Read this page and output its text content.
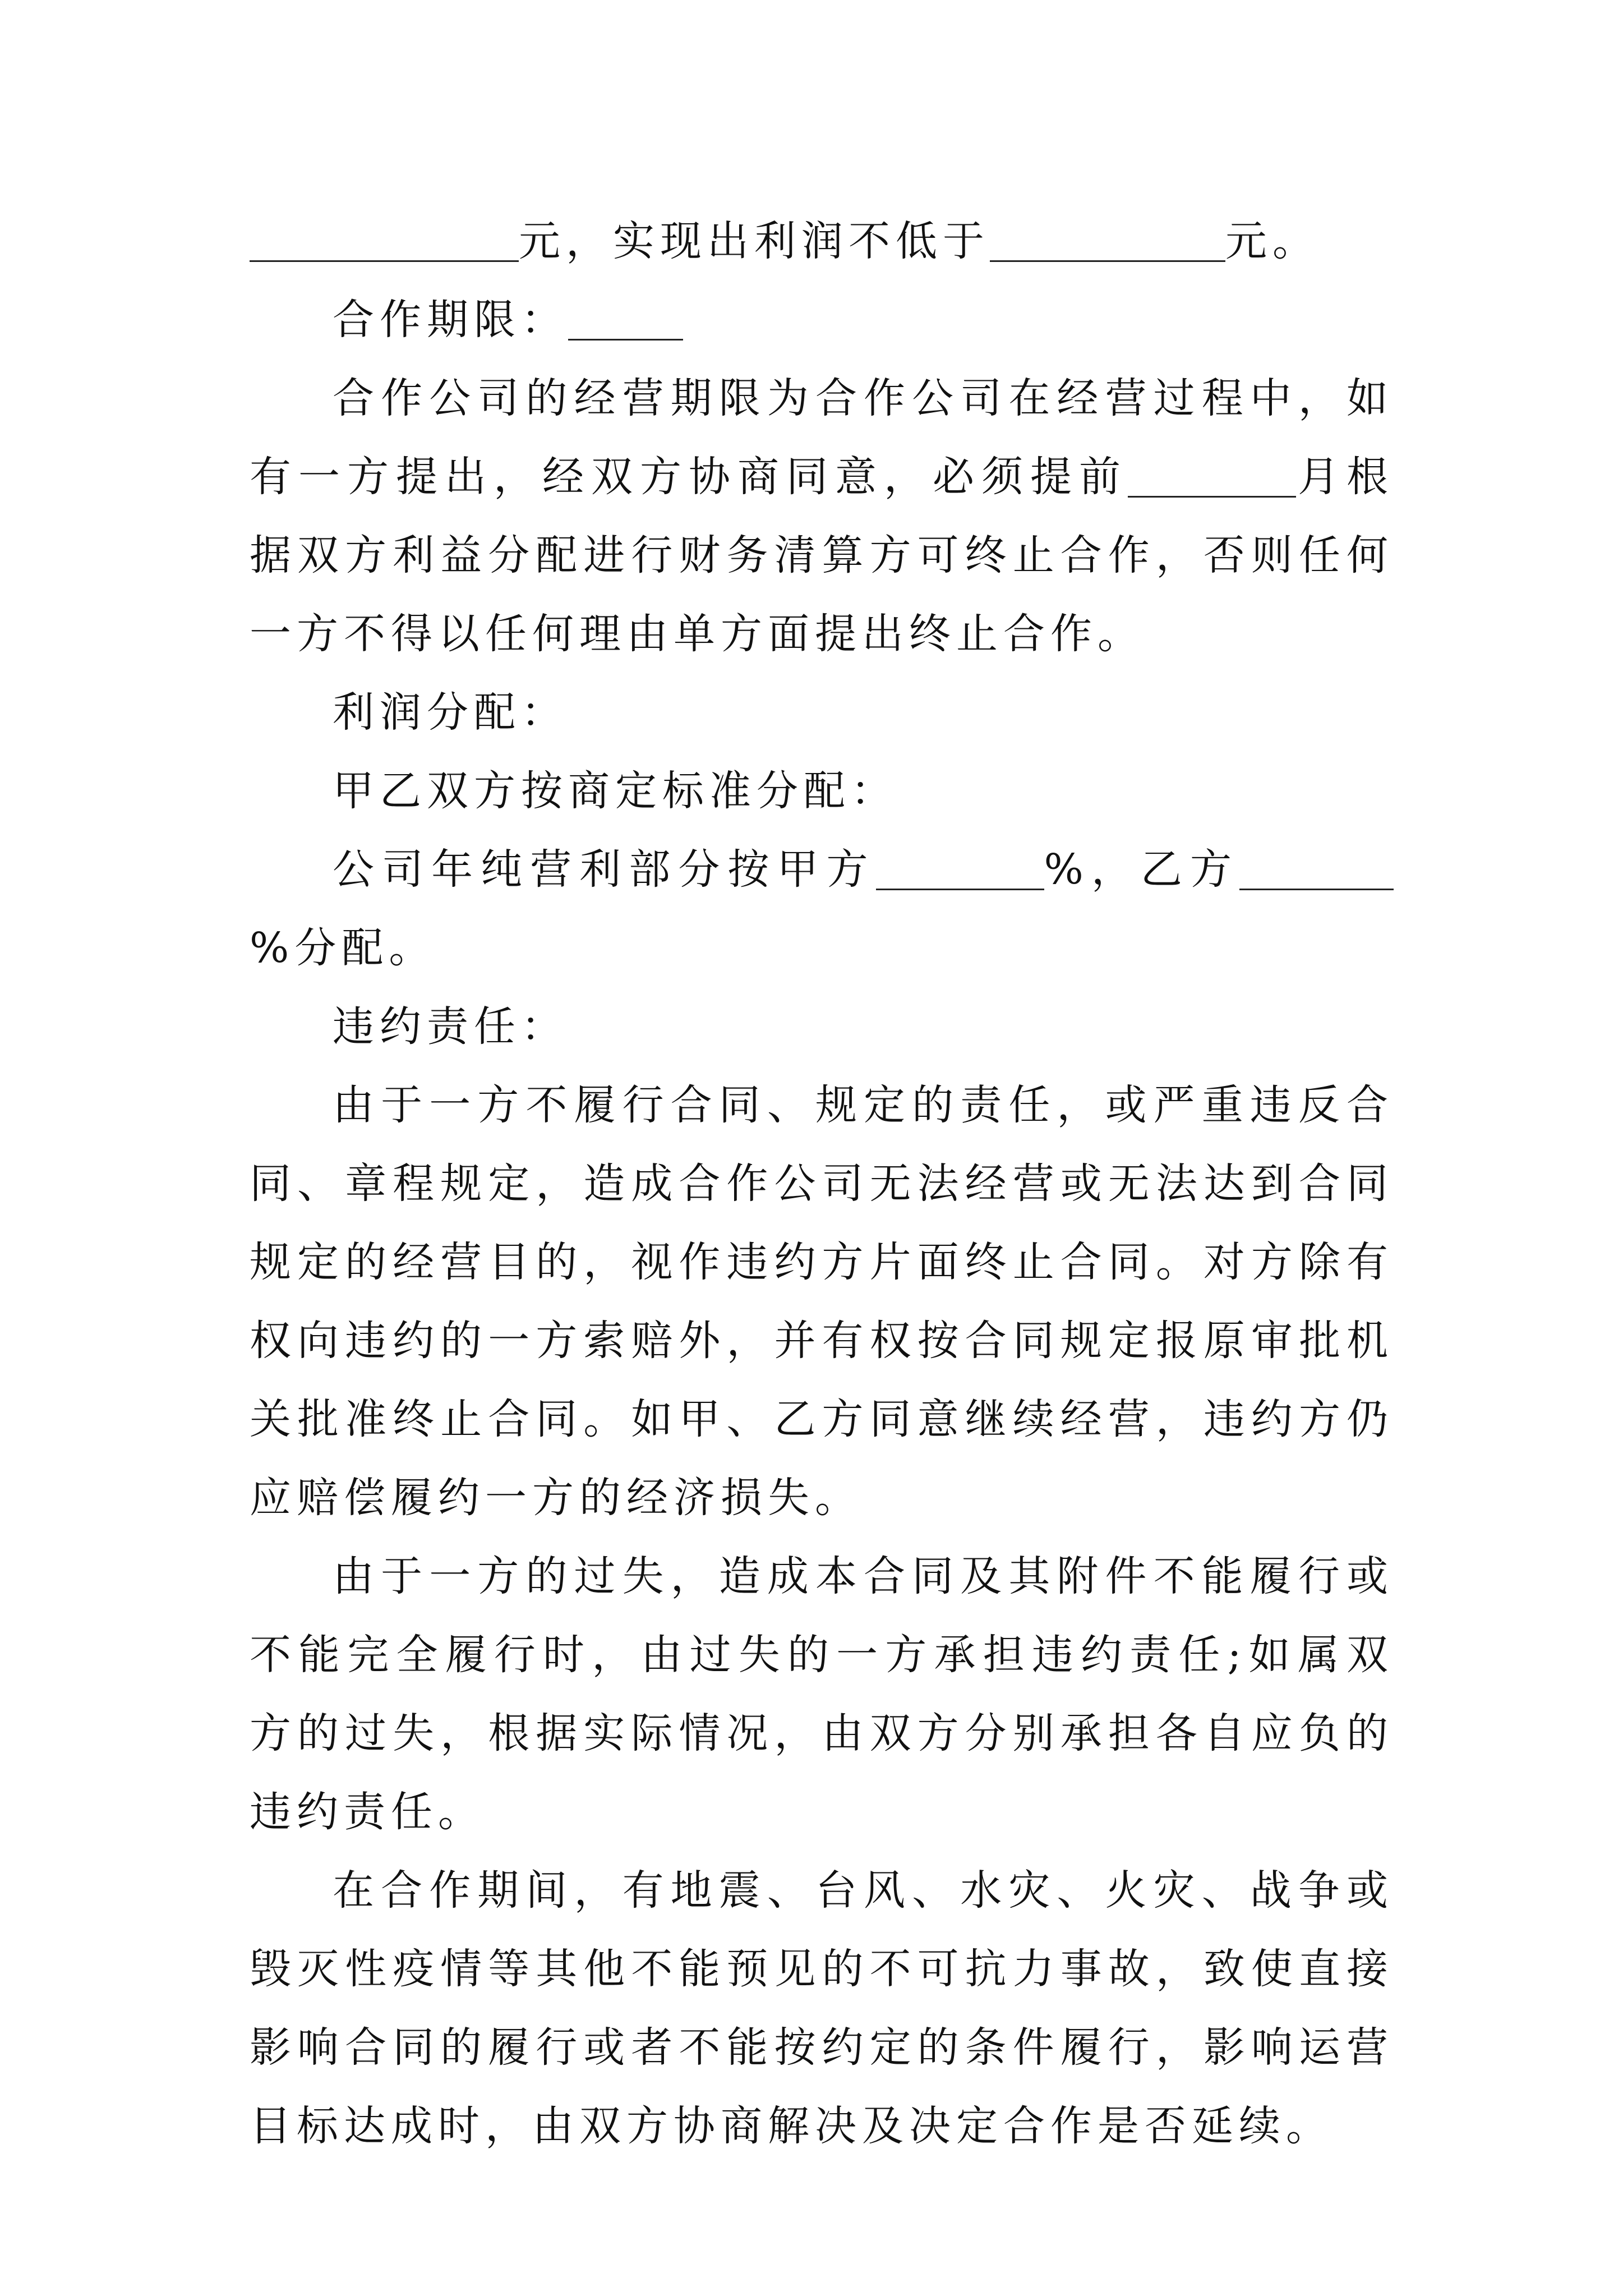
元，实现出利润不低于	元。

合作期限：

合作公司的经营期限为合作公司在经营过程中，如有一方提出，经双方协商同意，必须提前	月根据双方利益分配进行财务清算方可终止合作，否则任何一方不得以任何理由单方面提出终止合作。

利润分配：

甲乙双方按商定标准分配：

公司年纯营利部分按甲方	%，乙方%分配。

违约责任：

由于一方不履行合同、规定的责任，或严重违反合同、章程规定，造成合作公司无法经营或无法达到合同规定的经营目的，视作违约方片面终止合同。对方除有权向违约的一方索赔外，并有权按合同规定报原审批机关批准终止合同。如甲、乙方同意继续经营，违约方仍应赔偿履约一方的经济损失。

由于一方的过失，造成本合同及其附件不能履行或不能完全履行时，由过失的一方承担违约责任;如属双方的过失，根据实际情况，由双方分别承担各自应负的违约责任。

在合作期间，有地震、台风、水灾、火灾、战争或毁灭性疫情等其他不能预见的不可抗力事故，致使直接影响合同的履行或者不能按约定的条件履行，影响运营目标达成时，由双方协商解决及决定合作是否延续。
